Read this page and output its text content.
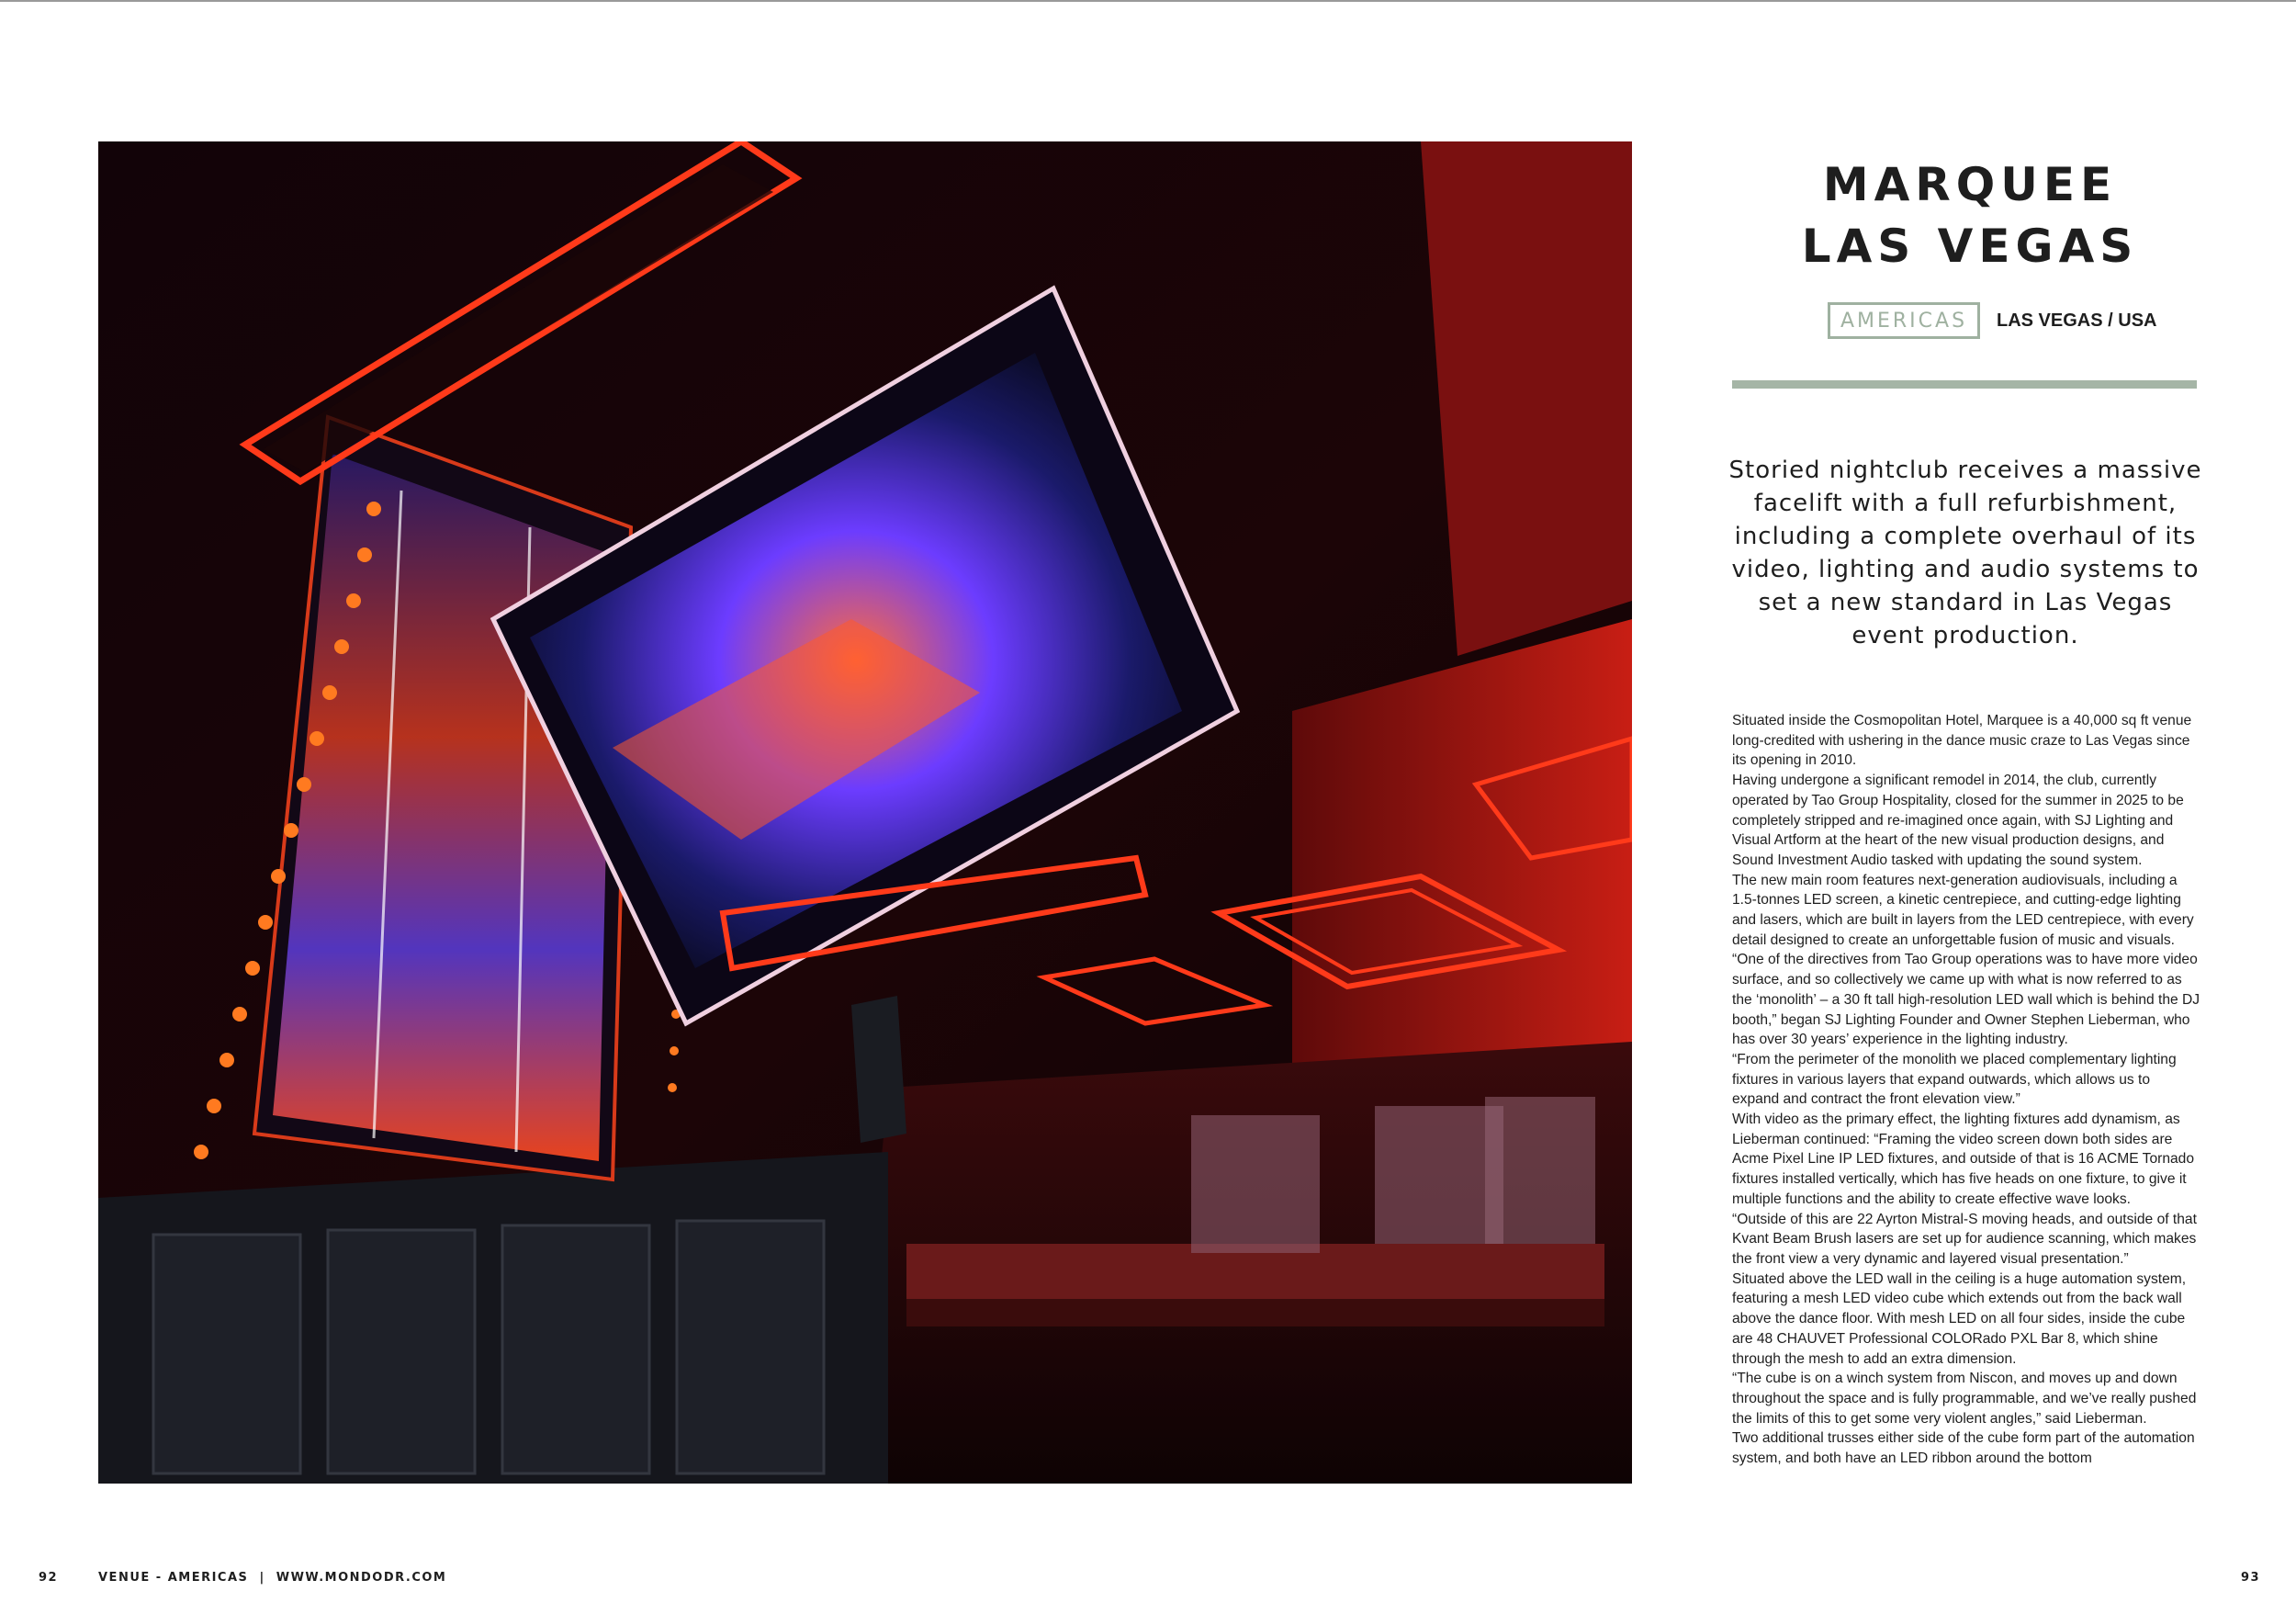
MARQUEE
LAS VEGAS
AMERICAS	LAS VEGAS / USA
Storied nightclub receives a massive facelift with a full refurbishment, including a complete overhaul of its video, lighting and audio systems to set a new standard in Las Vegas event production.

Situated inside the Cosmopolitan Hotel, Marquee is a 40,000 sq ft venue long-credited with ushering in the dance music craze to Las Vegas since its opening in 2010.

Having undergone a significant remodel in 2014, the club, currently operated by Tao Group Hospitality, closed for the summer in 2025 to be completely stripped and re-imagined once again, with SJ Lighting and Visual Artform at the heart of the new visual production designs, and Sound Investment Audio tasked with updating the sound system.

The new main room features next-generation audiovisuals, including a 1.5-tonnes LED screen, a kinetic centrepiece, and cutting-edge lighting and lasers, which are built in layers from the LED centrepiece, with every detail designed to create an unforgettable fusion of music and visuals.

“One of the directives from Tao Group operations was to have more video surface, and so collectively we came up with what is now referred to as the ‘monolith’ – a 30 ft tall high-resolution LED wall which is behind the DJ booth,” began SJ Lighting Founder and Owner Stephen Lieberman, who has over 30 years’ experience in the lighting industry.

“From the perimeter of the monolith we placed complementary lighting fixtures in various layers that expand outwards, which allows us to expand and contract the front elevation view.”

With video as the primary effect, the lighting fixtures add dynamism, as Lieberman continued: “Framing the video screen down both sides are Acme Pixel Line IP LED fixtures, and outside of that is 16 ACME Tornado fixtures installed vertically, which has five heads on one fixture, to give it multiple functions and the ability to create effective wave looks.

“Outside of this are 22 Ayrton Mistral-S moving heads, and outside of that Kvant Beam Brush lasers are set up for audience scanning, which makes the front view a very dynamic and layered visual presentation.”

Situated above the LED wall in the ceiling is a huge automation system, featuring a mesh LED video cube which extends out from the back wall above the dance floor. With mesh LED on all four sides, inside the cube are 48 CHAUVET Professional COLORado PXL Bar 8, which shine through the mesh to add an extra dimension.

“The cube is on a winch system from Niscon, and moves up and down throughout the space and is fully programmable, and we’ve really pushed the limits of this to get some very violent angles,” said Lieberman.

Two additional trusses either side of the cube form part of the automation system, and both have an LED ribbon around the bottom

92	VENUE - AMERICAS  |  WWW.MONDODR.COM	93
